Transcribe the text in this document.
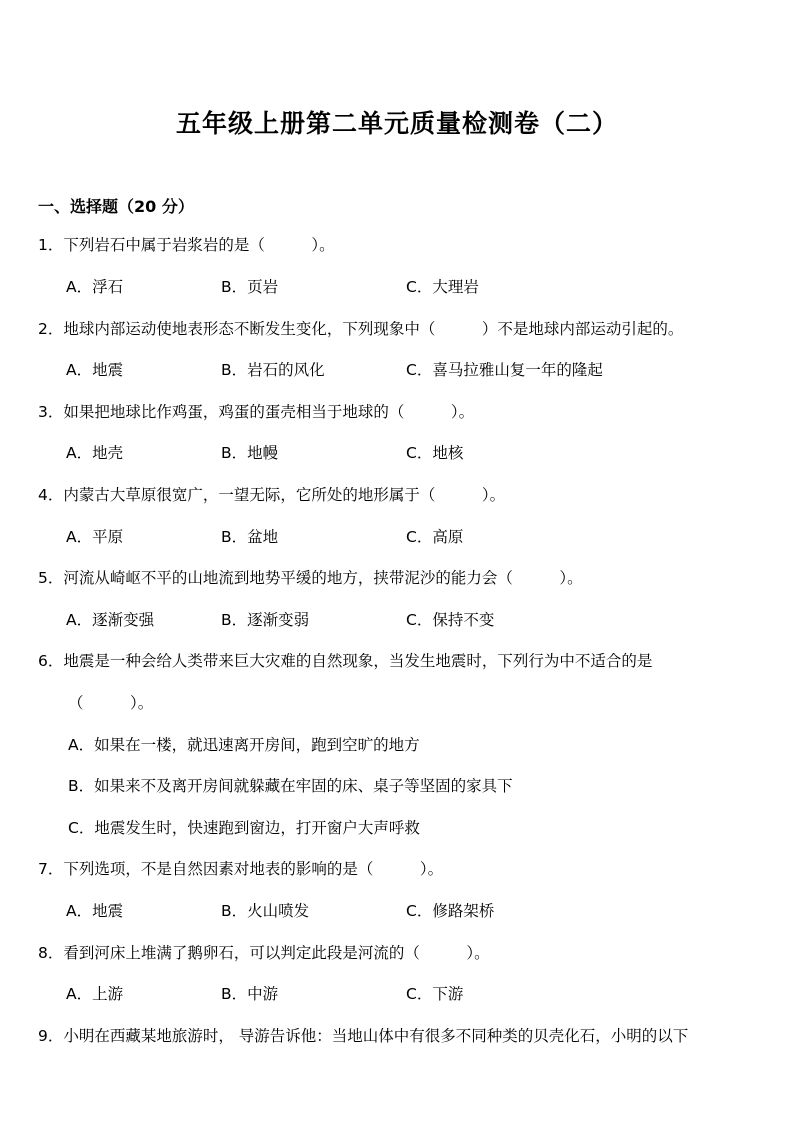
五年级上册第二单元质量检测卷（二）
一、选择题（20 分）
1．下列岩石中属于岩浆岩的是（　　　）。
A．浮石	B．页岩	C．大理岩
2．地球内部运动使地表形态不断发生变化，下列现象中（　　　）不是地球内部运动引起的。
A．地震	B．岩石的风化	C．喜马拉雅山复一年的隆起
3．如果把地球比作鸡蛋，鸡蛋的蛋壳相当于地球的（　　　）。
A．地壳	B．地幔	C．地核
4．内蒙古大草原很宽广，一望无际，它所处的地形属于（　　　）。
A．平原	B．盆地	C．高原
5．河流从崎岖不平的山地流到地势平缓的地方，挟带泥沙的能力会（　　　）。
A．逐渐变强	B．逐渐变弱	C．保持不变
6．地震是一种会给人类带来巨大灾难的自然现象，当发生地震时，下列行为中不适合的是
（　　　）。
A．如果在一楼，就迅速离开房间，跑到空旷的地方
B．如果来不及离开房间就躲藏在牢固的床、桌子等坚固的家具下
C．地震发生时，快速跑到窗边，打开窗户大声呼救
7．下列选项，不是自然因素对地表的影响的是（　　　）。
A．地震	B．火山喷发	C．修路架桥
8．看到河床上堆满了鹅卵石，可以判定此段是河流的（　　　）。
A．上游	B．中游	C．下游
9．小明在西藏某地旅游时， 导游告诉他：当地山体中有很多不同种类的贝壳化石，小明的以下
